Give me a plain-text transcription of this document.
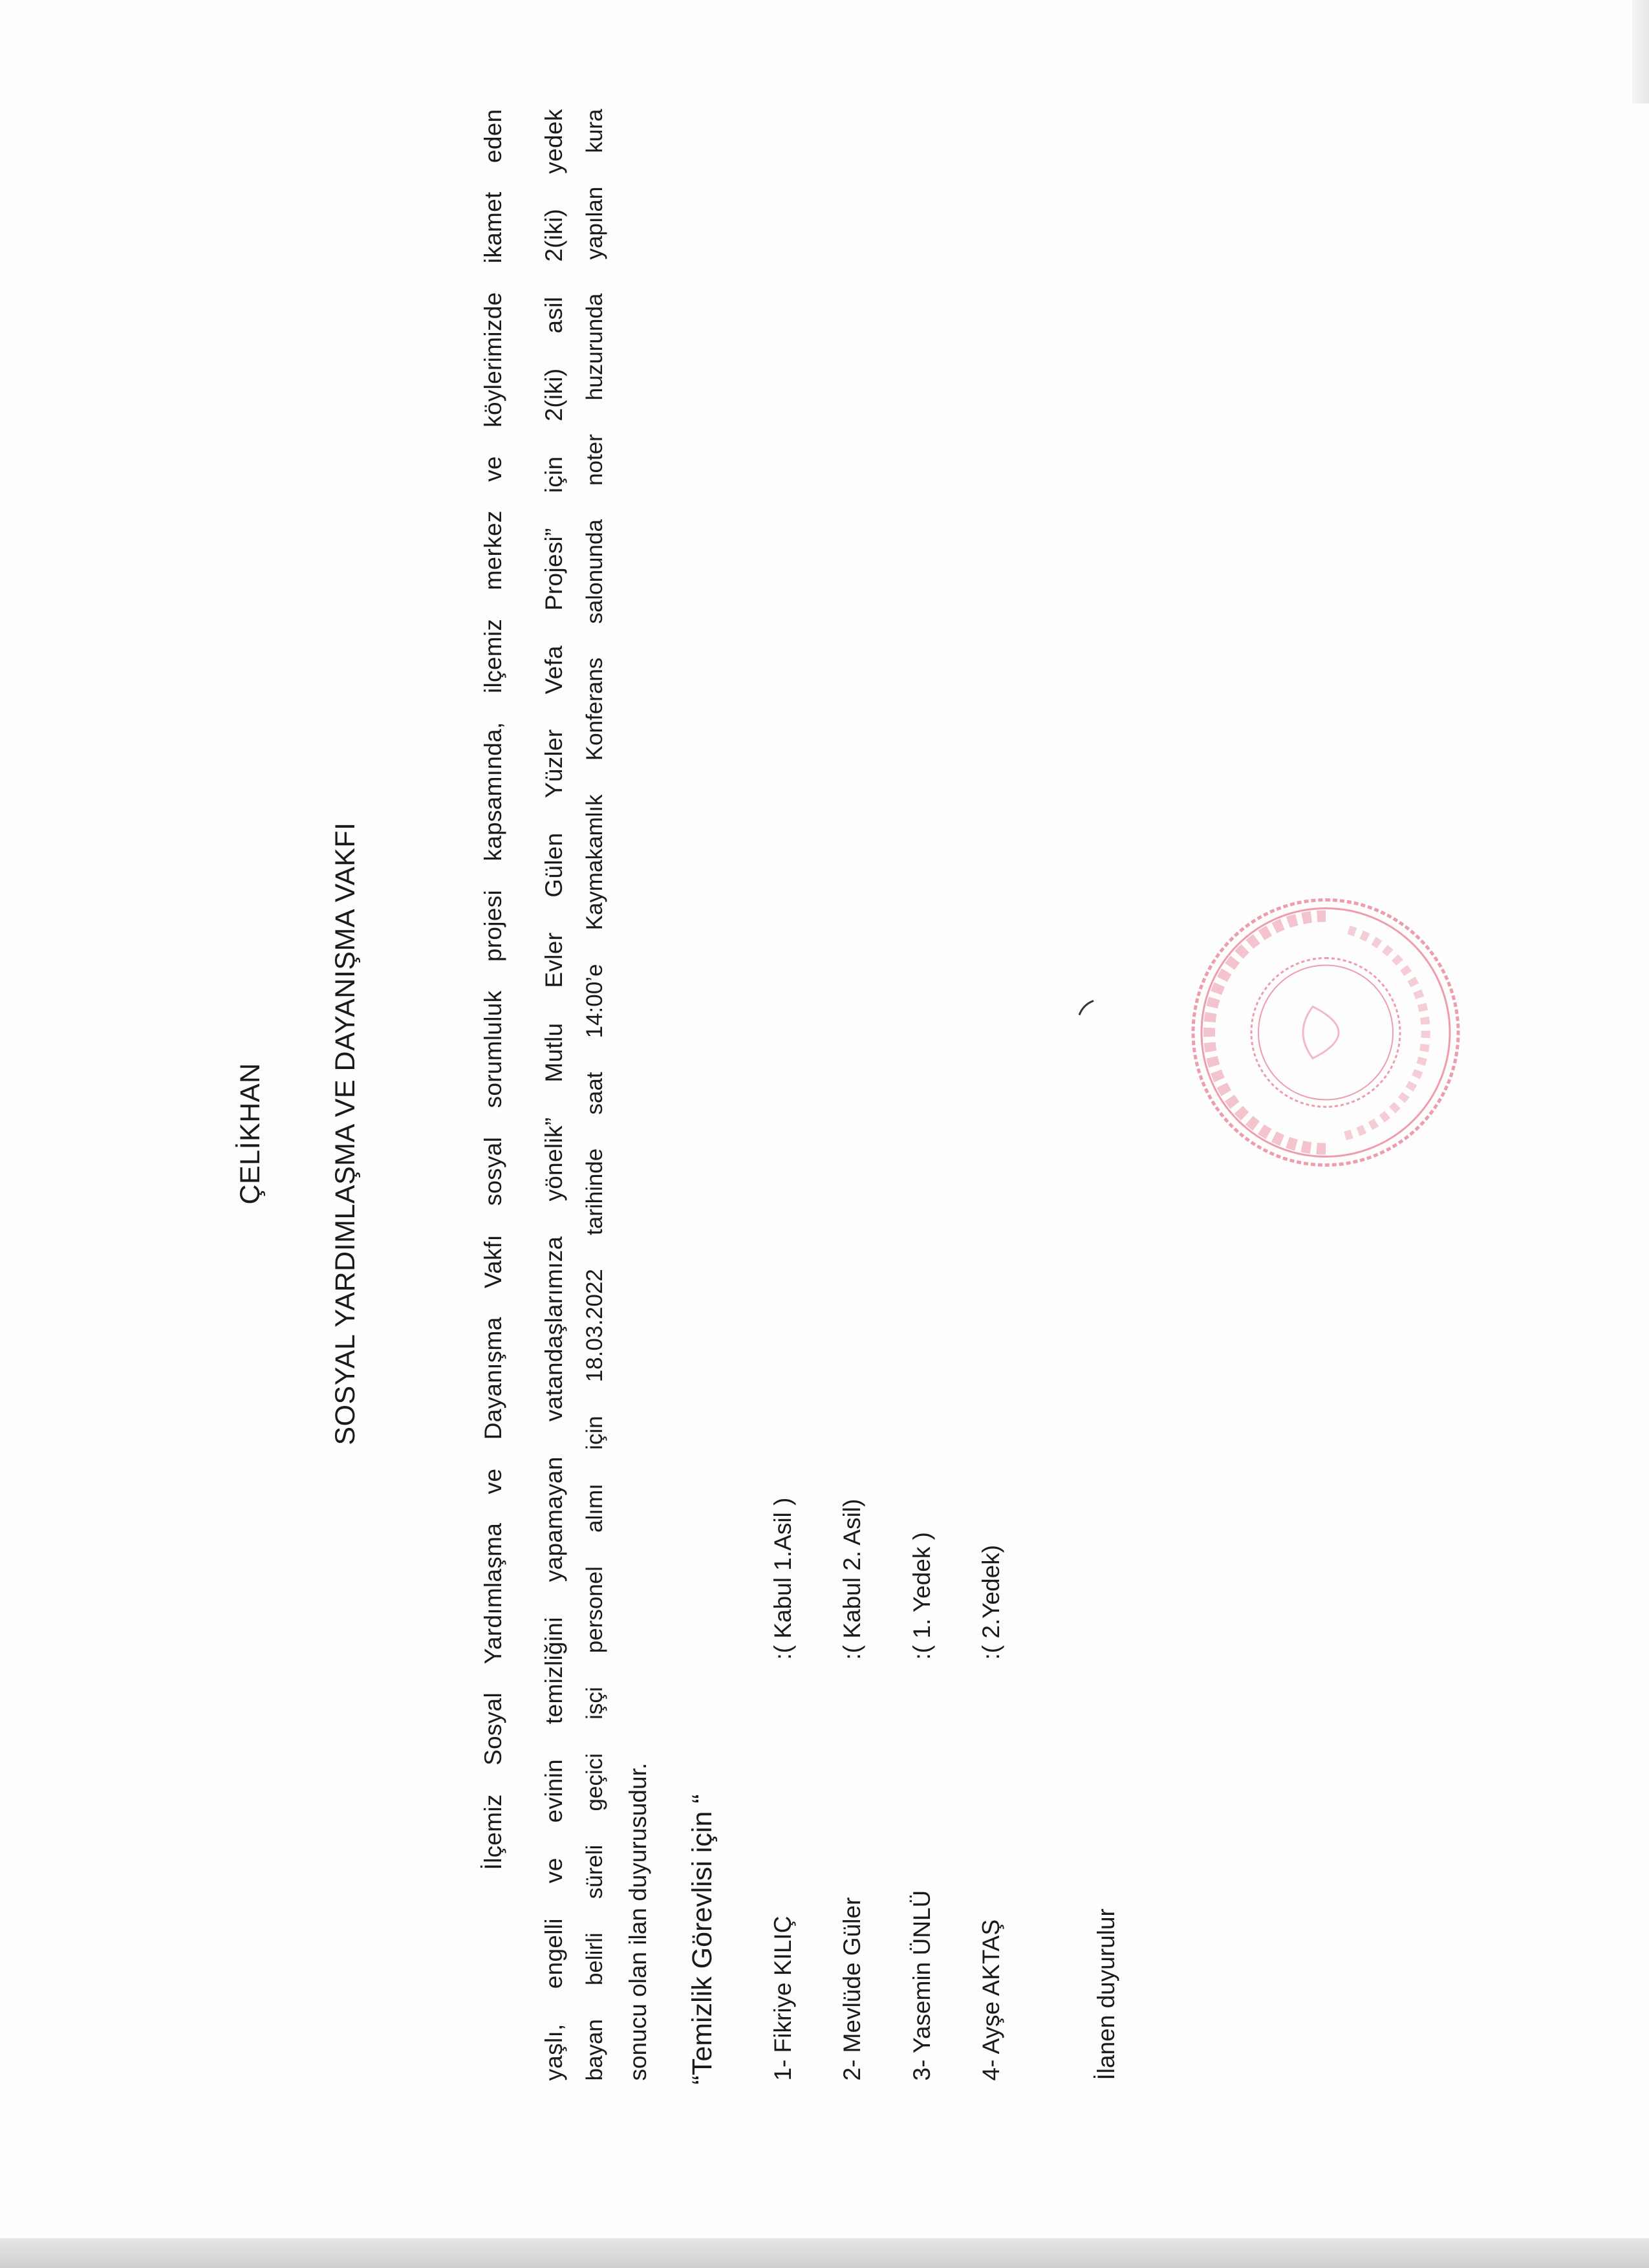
ÇELİKHAN SOSYAL YARDIMLAŞMA VE DAYANIŞMA VAKFI	İlçemiz Sosyal Yardımlaşma ve Dayanışma Vakfı sosyal sorumluluk projesi kapsamında, ilçemiz merkez ve köylerimizde ikamet eden yaşlı, engelli ve evinin temizliğini yapamayan vatandaşlarımıza yönelik” Mutlu Evler Gülen Yüzler Vefa Projesi” için 2(iki) asil 2(iki) yedek bayan belirli süreli geçici işçi personel alımı için 18.03.2022 tarihinde saat 14:00’e Kaymakamlık Konferans salonunda noter huzurunda yapılan kura sonucu olan ilan duyurusudur. “Temizlik Görevlisi için “ 1- Fikriye KILIÇ
:( Kabul 1.Asil )
2- Mevlüde Güler
:( Kabul 2. Asil)
3- Yasemin ÜNLÜ
:( 1. Yedek )
4- Ayşe AKTAŞ
:( 2.Yedek)
İlanen duyurulur
